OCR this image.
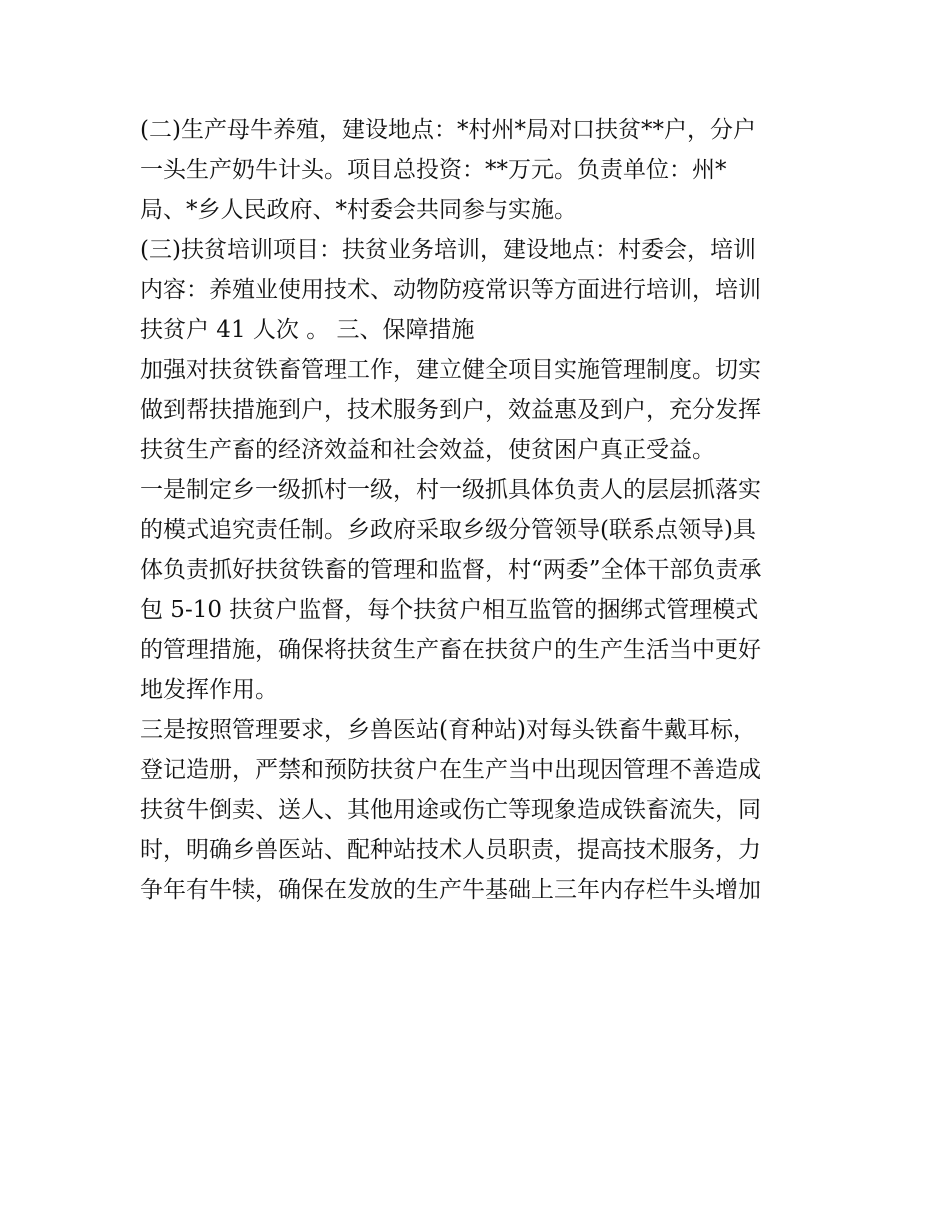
(二)生产母牛养殖，建设地点：*村州*局对口扶贫**户，分户
一头生产奶牛计头。项目总投资：**万元。负责单位：州*
局、*乡人民政府、*村委会共同参与实施。
(三)扶贫培训项目：扶贫业务培训，建设地点：村委会，培训
内容：养殖业使用技术、动物防疫常识等方面进行培训，培训
扶贫户 41 人次 。 三、保障措施
加强对扶贫铁畜管理工作，建立健全项目实施管理制度。切实
做到帮扶措施到户，技术服务到户，效益惠及到户，充分发挥
扶贫生产畜的经济效益和社会效益，使贫困户真正受益。
一是制定乡一级抓村一级，村一级抓具体负责人的层层抓落实
的模式追究责任制。乡政府采取乡级分管领导(联系点领导)具
体负责抓好扶贫铁畜的管理和监督，村“两委”全体干部负责承
包 5-10 扶贫户监督，每个扶贫户相互监管的捆绑式管理模式
的管理措施，确保将扶贫生产畜在扶贫户的生产生活当中更好
地发挥作用。
三是按照管理要求，乡兽医站(育种站)对每头铁畜牛戴耳标，
登记造册，严禁和预防扶贫户在生产当中出现因管理不善造成
扶贫牛倒卖、送人、其他用途或伤亡等现象造成铁畜流失，同
时，明确乡兽医站、配种站技术人员职责，提高技术服务，力
争年有牛犊，确保在发放的生产牛基础上三年内存栏牛头增加
